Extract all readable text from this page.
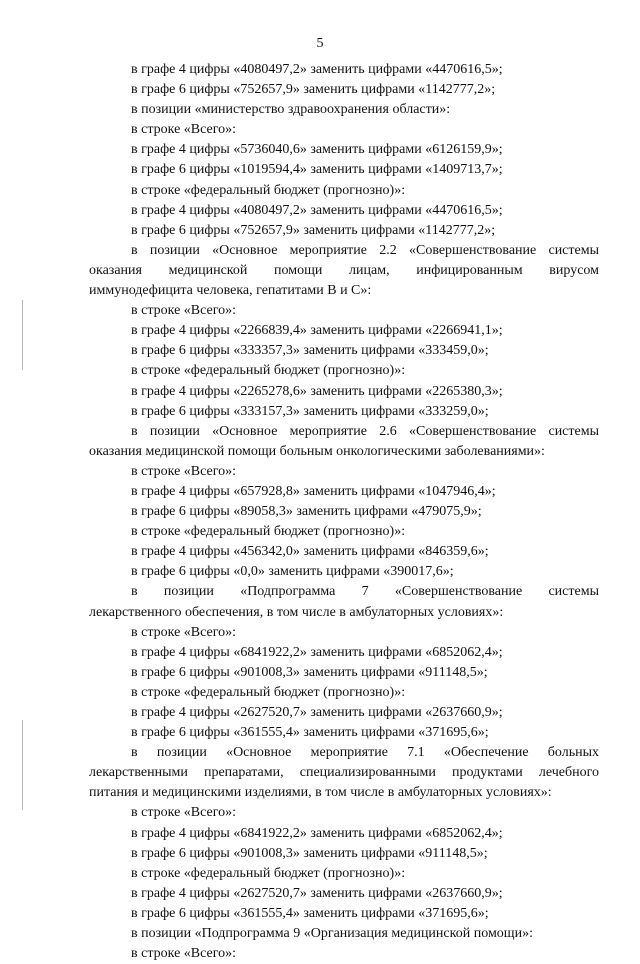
5
в графе 4 цифры «4080497,2» заменить цифрами «4470616,5»;
в графе 6 цифры «752657,9» заменить цифрами «1142777,2»;
в позиции «министерство здравоохранения области»:
в строке «Всего»:
в графе 4 цифры «5736040,6» заменить цифрами «6126159,9»;
в графе 6 цифры «1019594,4» заменить цифрами «1409713,7»;
в строке «федеральный бюджет (прогнозно)»:
в графе 4 цифры «4080497,2» заменить цифрами «4470616,5»;
в графе 6 цифры «752657,9» заменить цифрами «1142777,2»;
в позиции «Основное мероприятие 2.2 «Совершенствование системы
оказания медицинской помощи лицам, инфицированным вирусом
иммунодефицита человека, гепатитами В и С»:
в строке «Всего»:
в графе 4 цифры «2266839,4» заменить цифрами «2266941,1»;
в графе 6 цифры «333357,3» заменить цифрами «333459,0»;
в строке «федеральный бюджет (прогнозно)»:
в графе 4 цифры «2265278,6» заменить цифрами «2265380,3»;
в графе 6 цифры «333157,3» заменить цифрами «333259,0»;
в позиции «Основное мероприятие 2.6 «Совершенствование системы
оказания медицинской помощи больным онкологическими заболеваниями»:
в строке «Всего»:
в графе 4 цифры «657928,8» заменить цифрами «1047946,4»;
в графе 6 цифры «89058,3» заменить цифрами «479075,9»;
в строке «федеральный бюджет (прогнозно)»:
в графе 4 цифры «456342,0» заменить цифрами «846359,6»;
в графе 6 цифры «0,0» заменить цифрами «390017,6»;
в позиции «Подпрограмма 7 «Совершенствование системы
лекарственного обеспечения, в том числе в амбулаторных условиях»:
в строке «Всего»:
в графе 4 цифры «6841922,2» заменить цифрами «6852062,4»;
в графе 6 цифры «901008,3» заменить цифрами «911148,5»;
в строке «федеральный бюджет (прогнозно)»:
в графе 4 цифры «2627520,7» заменить цифрами «2637660,9»;
в графе 6 цифры «361555,4» заменить цифрами «371695,6»;
в позиции «Основное мероприятие 7.1 «Обеспечение больных
лекарственными препаратами, специализированными продуктами лечебного
питания и медицинскими изделиями, в том числе в амбулаторных условиях»:
в строке «Всего»:
в графе 4 цифры «6841922,2» заменить цифрами «6852062,4»;
в графе 6 цифры «901008,3» заменить цифрами «911148,5»;
в строке «федеральный бюджет (прогнозно)»:
в графе 4 цифры «2627520,7» заменить цифрами «2637660,9»;
в графе 6 цифры «361555,4» заменить цифрами «371695,6»;
в позиции «Подпрограмма 9 «Организация медицинской помощи»:
в строке «Всего»:
